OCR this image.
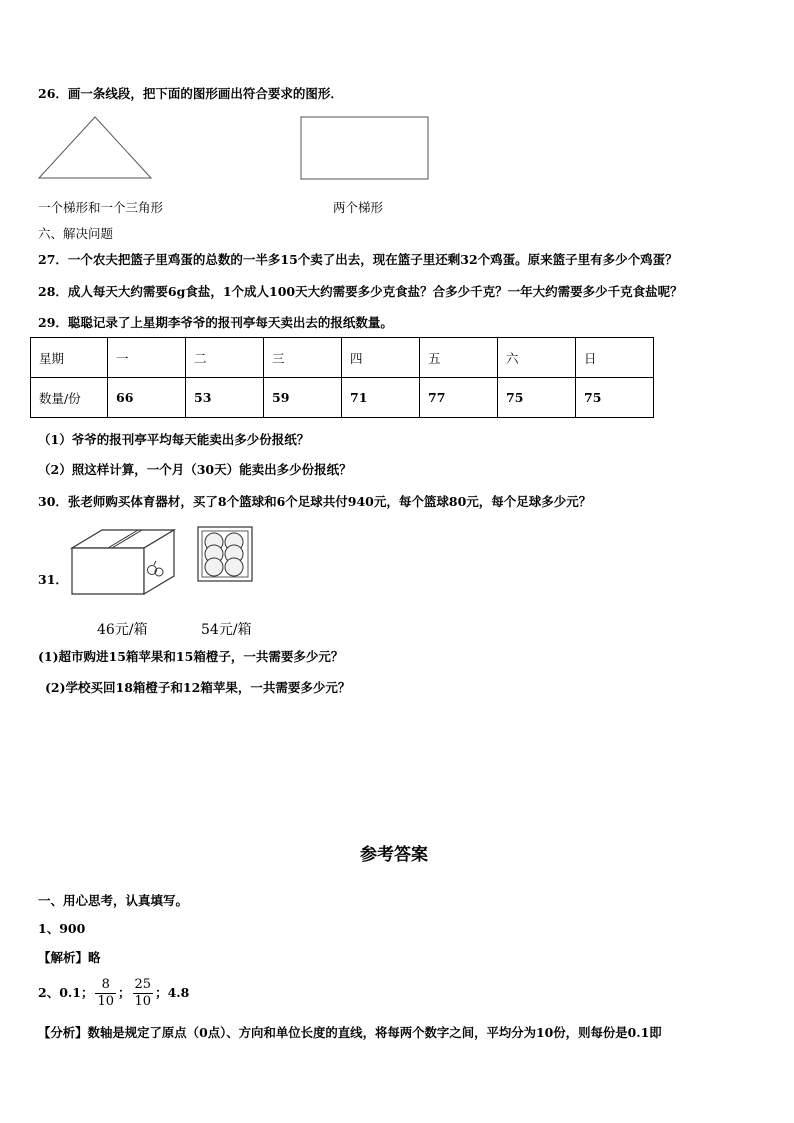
26．画一条线段，把下面的图形画出符合要求的图形．
一个梯形和一个三角形	两个梯形
六、解决问题
27．一个农夫把篮子里鸡蛋的总数的一半多15个卖了出去，现在篮子里还剩32个鸡蛋。原来篮子里有多少个鸡蛋？
28．成人每天大约需要6g食盐，1个成人100天大约需要多少克食盐？合多少千克？一年大约需要多少千克食盐呢？
29．聪聪记录了上星期李爷爷的报刊亭每天卖出去的报纸数量。
星期	一	二	三	四	五	六	日
数量/份	66	53	59	71	77	75	75
（1）爷爷的报刊亭平均每天能卖出多少份报纸？
（2）照这样计算，一个月（30天）能卖出多少份报纸？
30．张老师购买体育器材，买了8个篮球和6个足球共付940元，每个篮球80元，每个足球多少元？
31．
46元/箱	54元/箱
(1)超市购进15箱苹果和15箱橙子，一共需要多少元？
(2)学校买回18箱橙子和12箱苹果，一共需要多少元？
参考答案
一、用心思考，认真填写。
1、900
【解析】略
2、0.1； $\frac{8}{10}$ ； $\frac{25}{10}$ ；4.8
【分析】数轴是规定了原点（0点）、方向和单位长度的直线，将每两个数字之间，平均分为10份，则每份是0.1即
